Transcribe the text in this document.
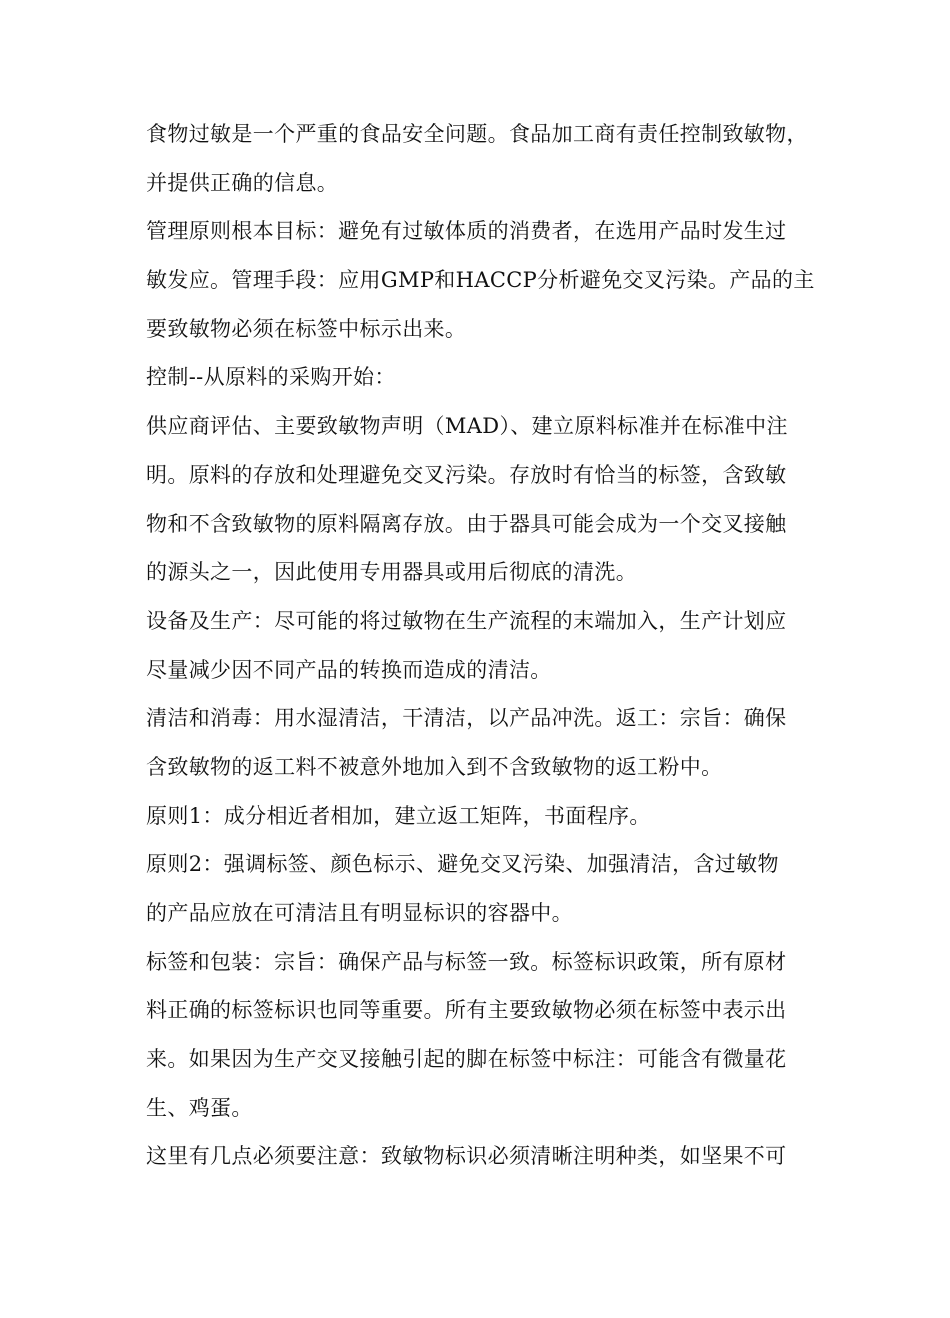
食物过敏是一个严重的食品安全问题。食品加工商有责任控制致敏物，
并提供正确的信息。

管理原则根本目标：避免有过敏体质的消费者，在选用产品时发生过
敏发应。管理手段：应用GMP和HACCP分析避免交叉污染。产品的主
要致敏物必须在标签中标示出来。

控制--从原料的采购开始：

供应商评估、主要致敏物声明（MAD）、建立原料标准并在标准中注
明。原料的存放和处理避免交叉污染。存放时有恰当的标签，含致敏
物和不含致敏物的原料隔离存放。由于器具可能会成为一个交叉接触
的源头之一，因此使用专用器具或用后彻底的清洗。

设备及生产：尽可能的将过敏物在生产流程的末端加入，生产计划应
尽量减少因不同产品的转换而造成的清洁。

清洁和消毒：用水湿清洁，干清洁，以产品冲洗。返工：宗旨：确保
含致敏物的返工料不被意外地加入到不含致敏物的返工粉中。

原则1：成分相近者相加，建立返工矩阵，书面程序。

原则2：强调标签、颜色标示、避免交叉污染、加强清洁，含过敏物
的产品应放在可清洁且有明显标识的容器中。

标签和包装：宗旨：确保产品与标签一致。标签标识政策，所有原材
料正确的标签标识也同等重要。所有主要致敏物必须在标签中表示出
来。如果因为生产交叉接触引起的脚在标签中标注：可能含有微量花
生、鸡蛋。

这里有几点必须要注意：致敏物标识必须清晰注明种类，如坚果不可
